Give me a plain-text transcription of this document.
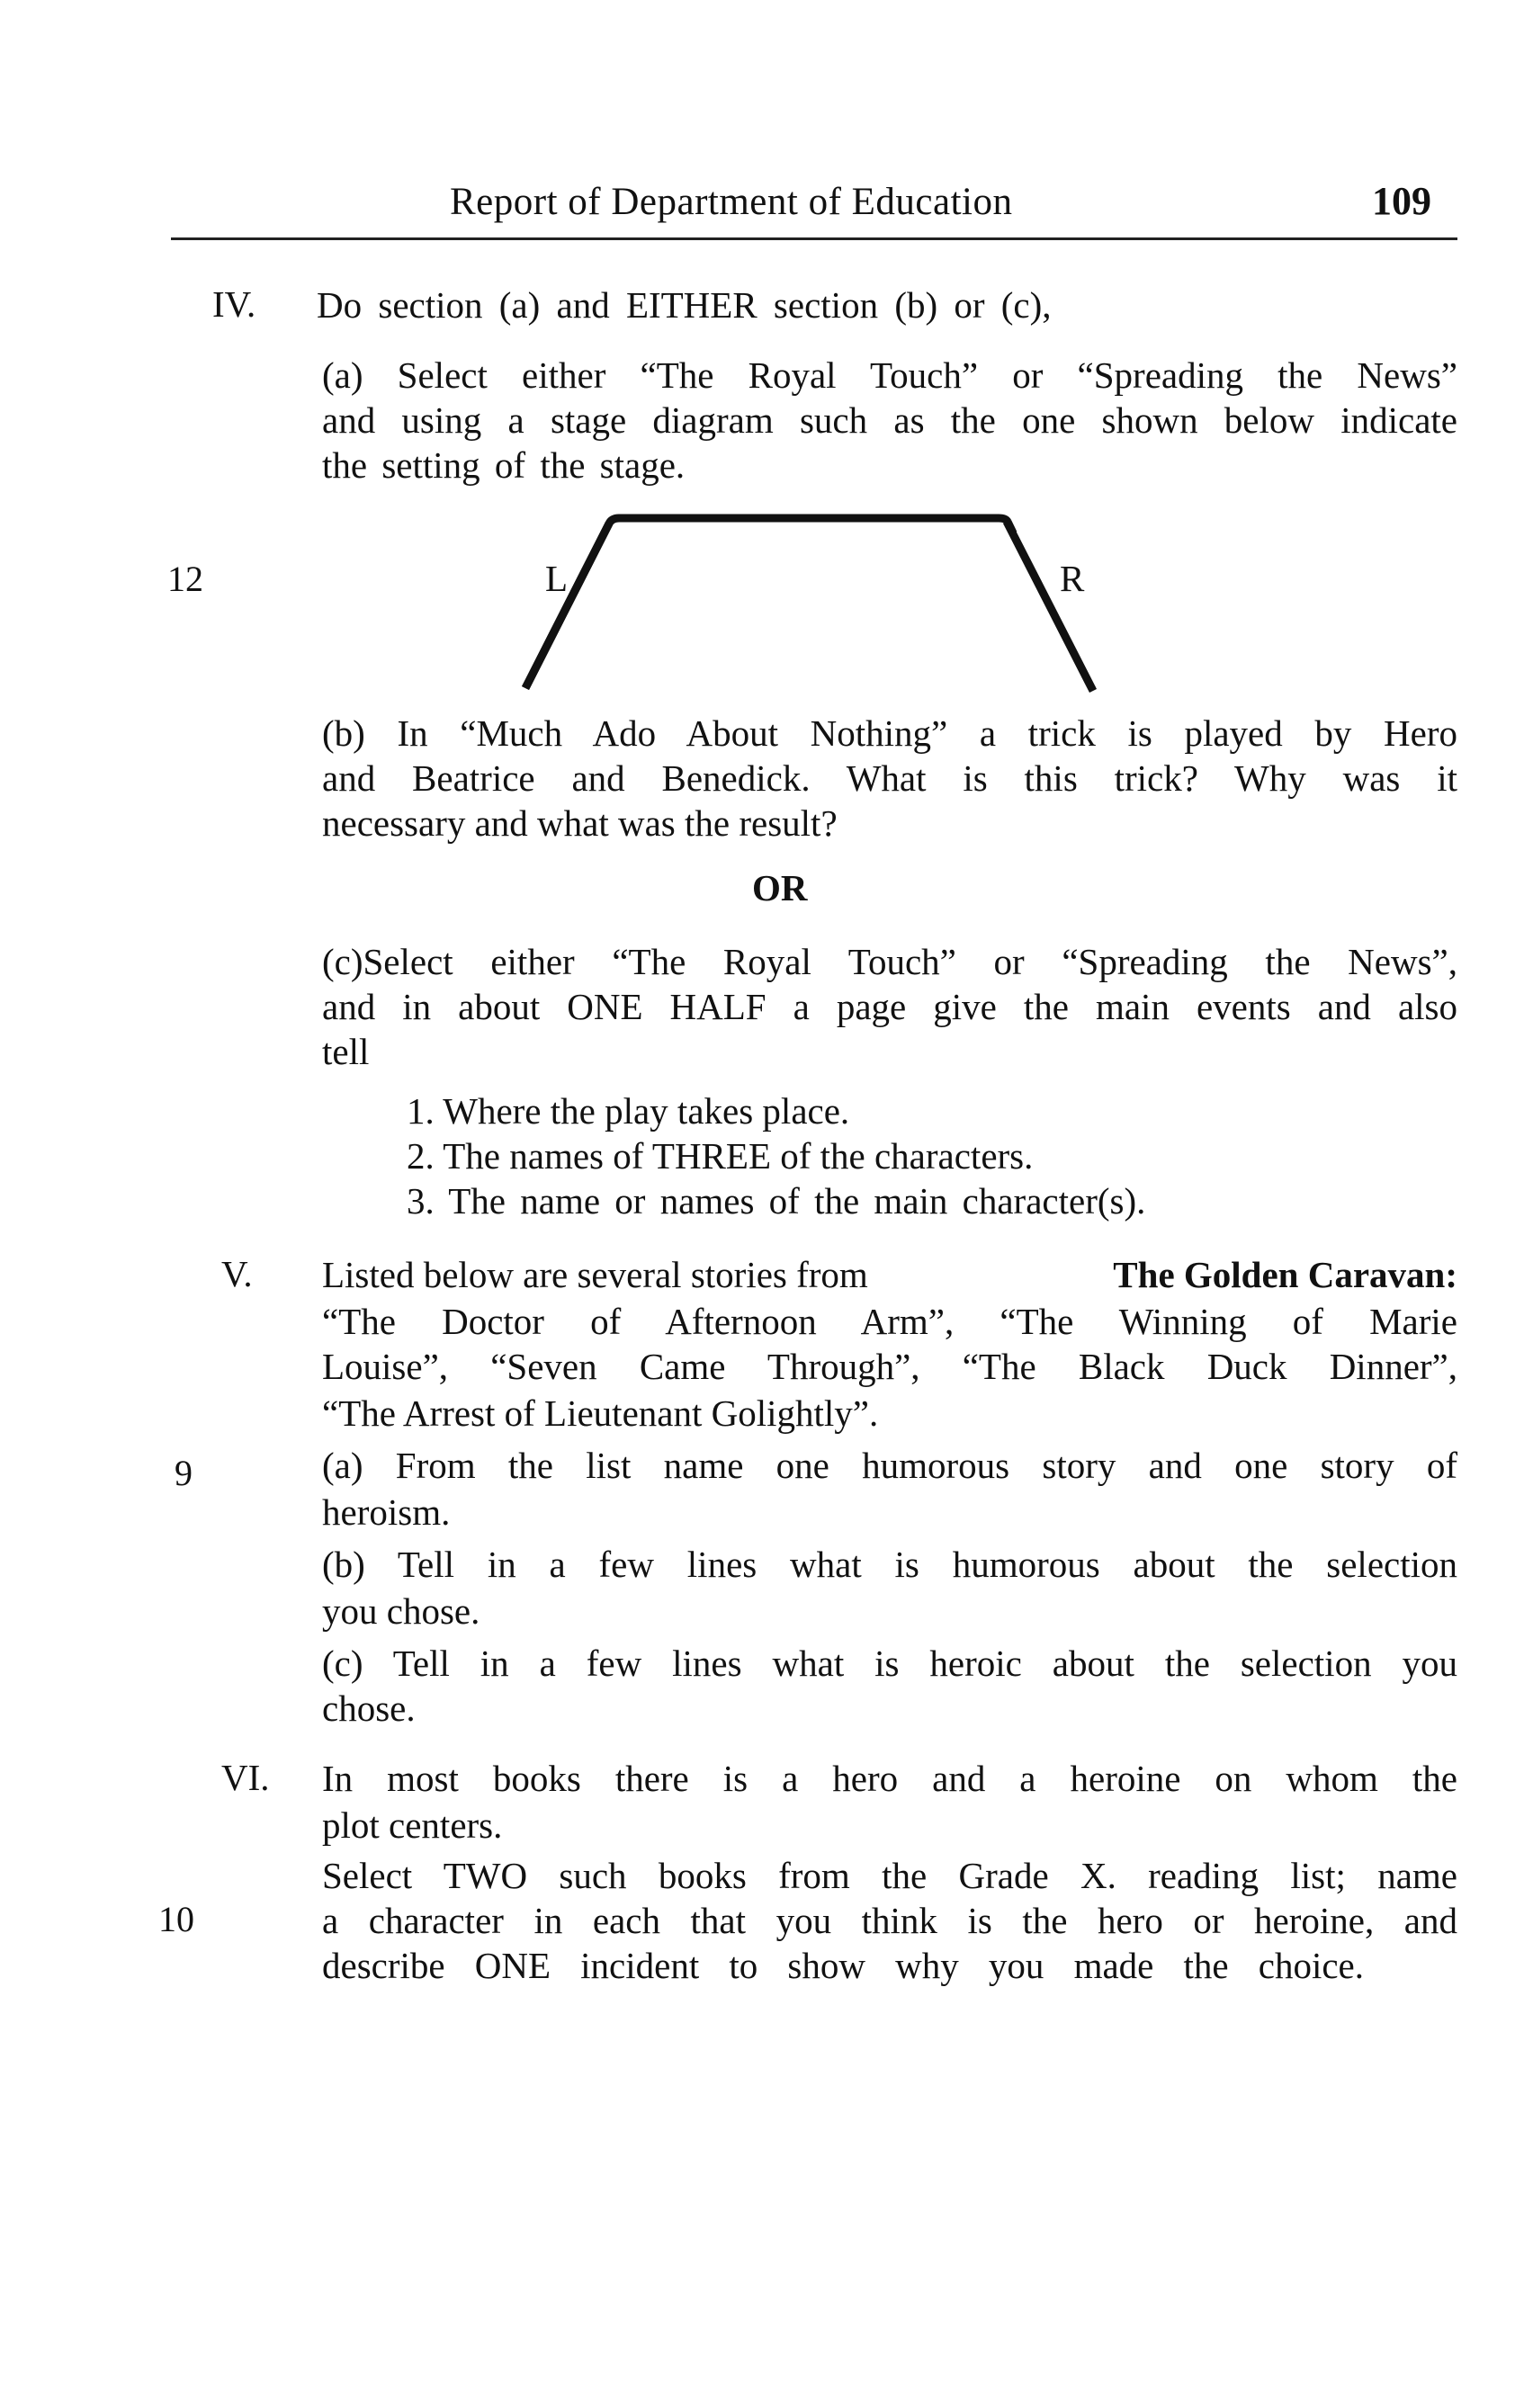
Report of Department of Education	109
12
9
10
IV. Do section (a) and EITHER section (b) or (c),
(a) Select either “The Royal Touch” or “Spreading the News”
and using a stage diagram such as the one shown below indicate
the setting of the stage.
L	R
(b) In “Much Ado About Nothing” a trick is played by Hero
and Beatrice and Benedick. What is this trick? Why was it
necessary and what was the result?
OR
(c)Select either “The Royal Touch” or “Spreading the News”,
and in about ONE HALF a page give the main events and also
tell
1. Where the play takes place.
2. The names of THREE of the characters.
3. The name or names of the main character(s).
V. Listed below are several stories from	The Golden Caravan:
“The Doctor of Afternoon Arm”, “The Winning of Marie
Louise”, “Seven Came Through”, “The Black Duck Dinner”,
“The Arrest of Lieutenant Golightly”.
(a) From the list name one humorous story and one story of
heroism.
(b) Tell in a few lines what is humorous about the selection
you chose.
(c) Tell in a few lines what is heroic about the selection you
chose.
VI. In most books there is a hero and a heroine on whom the
plot centers.
Select TWO such books from the Grade X. reading list; name
a character in each that you think is the hero or heroine, and
describe ONE incident to show why you made the choice.
